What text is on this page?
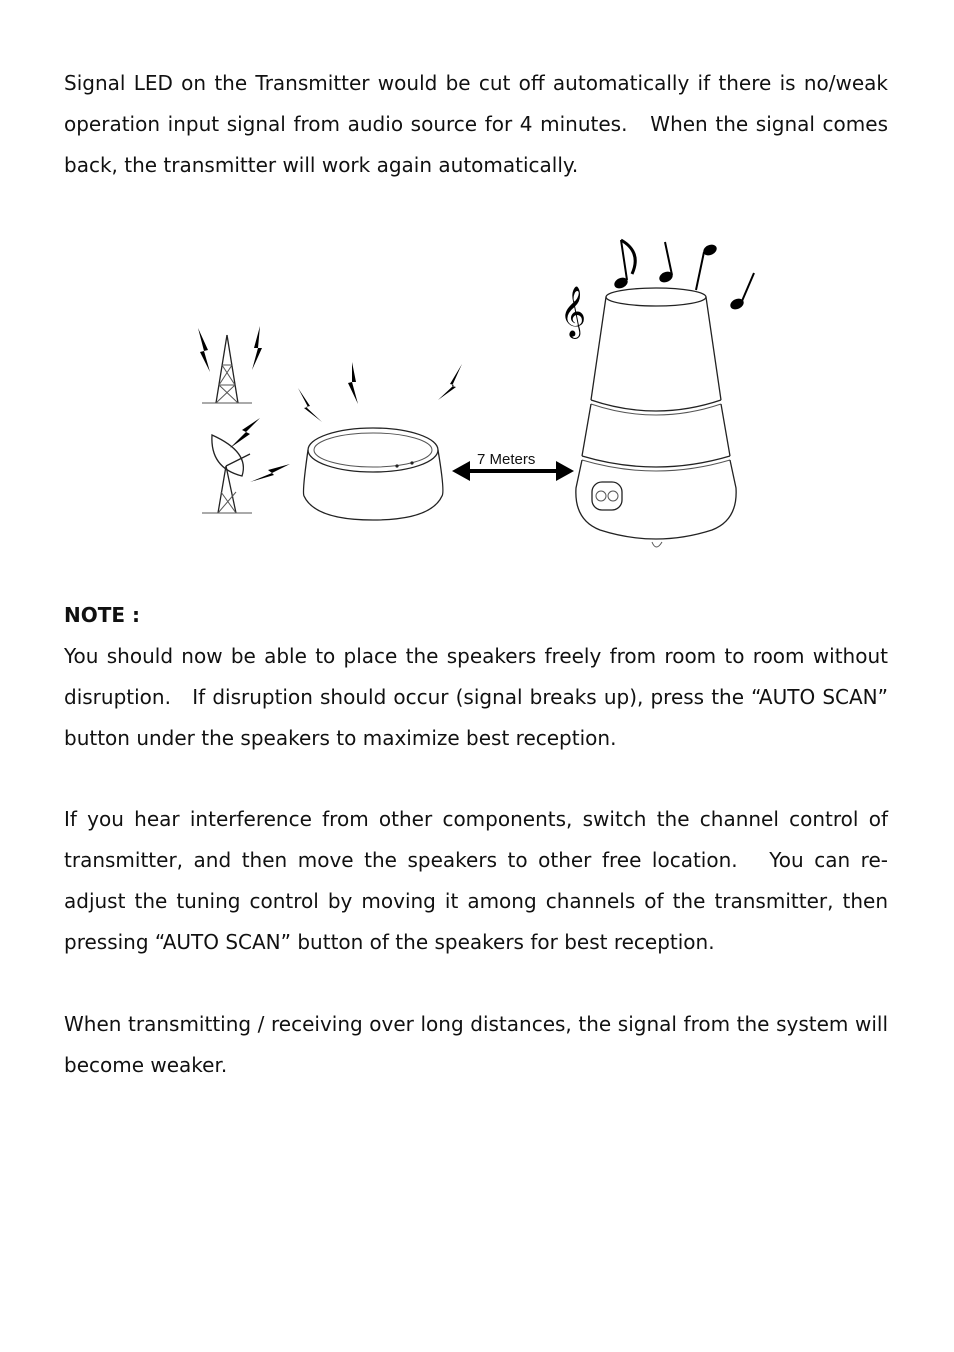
Signal LED on the Transmitter would be cut off automatically if there is no/weak operation input signal from audio source for 4 minutes.   When the signal comes back, the transmitter will work again automatically.

7 Meters
𝄞

NOTE :

You should now be able to place the speakers freely from room to room without disruption.   If disruption should occur (signal breaks up), press the “AUTO SCAN” button under the speakers to maximize best reception.

If you hear interference from other components, switch the channel control of transmitter, and then move the speakers to other free location.   You can re-adjust the tuning control by moving it among channels of the transmitter, then pressing “AUTO SCAN” button of the speakers for best reception.

When transmitting / receiving over long distances, the signal from the system will become weaker.
